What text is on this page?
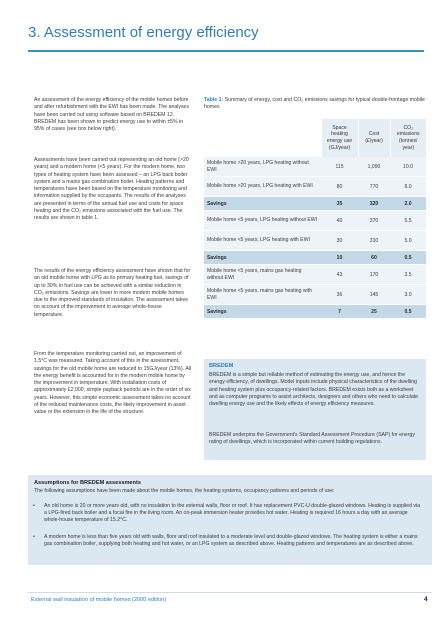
3. Assessment of energy efficiency

An assessment of the energy efficiency of the mobile homes before and after refurbishment with the EWI has been made. The analyses have been carried out using software based on BREDEM 12. BREDEM has been shown to predict energy use to within ±5% in 95% of cases (see box below right).

Assessments have been carried out representing an old home (>20 years) and a modern home (<5 years). For the modern home, two types of heating system have been assessed – an LPG back boiler system and a mains gas combination boiler. Heating patterns and temperatures have been based on the temperature monitoring and information supplied by the occupants. The results of the analyses are presented in terms of the annual fuel use and costs for space heating and the CO₂ emissions associated with the fuel use. The results are shown in table 1.

The results of the energy efficiency assessment have shown that for an old mobile home with LPG as its primary heating fuel, savings of up to 30% in fuel use can be achieved with a similar reduction in CO₂ emissions. Savings are lower in more modern mobile homes due to the improved standards of insulation. The assessment takes no account of the improvement in average whole-house temperature.

From the temperature monitoring carried out, an improvement of 1.5°C was measured. Taking account of this in the assessment, savings for the old mobile home are reduced to 15GJ/year (13%). All the energy benefit is accounted for in the modern mobile home by the improvement in temperature. With installation costs of approximately £2,000, simple payback periods are in the order of six years. However, this simple economic assessment takes no account of the reduced maintenance costs, the likely improvement in asset value or the extension in the life of the structure.

Table 1: Summary of energy, cost and CO₂ emissions savings for typical double-frontage mobile homes
	Space heating energy use (GJ/year)	Cost (£/year)	CO₂ emissions (tonnes/ year)
Mobile home >20 years, LPG heating without EWI	115	1,090	10.0
Mobile home >20 years, LPG heating with EWI	80	770	8.0
Savings	35	320	2.0
Mobile home <5 years, LPG heating without EWI	40	370	5.5
Mobile home <5 years, LPG heating with EWI	30	310	5.0
Savings	10	60	0.5
Mobile home <5 years, mains gas heating without EWI	43	170	3.5
Mobile home <5 years, mains gas heating with EWI	36	145	3.0
Savings	7	25	0.5
BREDEM

BREDEM is a simple but reliable method of estimating the energy use, and hence the energy efficiency, of dwellings. Model inputs include physical characteristics of the dwelling and heating system plus occupancy-related factors. BREDEM exists both as a worksheet and as computer programs to assist architects, designers and others who need to calculate dwelling energy use and the likely effects of energy efficiency measures.

BREDEM underpins the Government's Standard Assessment Procedure (SAP) for energy rating of dwellings, which is incorporated within current building regulations.

Assumptions for BREDEM assessments

The following assumptions have been made about the mobile homes, the heating systems, occupancy patterns and periods of use:

•	An old home is 20 or more years old, with no insulation to the external walls, floor or roof. It has replacement PVC-U double-glazed windows. Heating is supplied via a LPG-fired back boiler and a focal fire in the living room. An on-peak immersion heater provides hot water. Heating is required 16 hours a day with an average whole-house temperature of 15.2°C.

•	A modern home is less than five years old with walls, floor and roof insulated to a moderate level and double-glazed windows. The heating system is either a mains gas combination boiler, supplying both heating and hot water, or an LPG system as described above. Heating patterns and temperatures are as described above.

External wall insulation of mobile homes (2000 edition)	4
